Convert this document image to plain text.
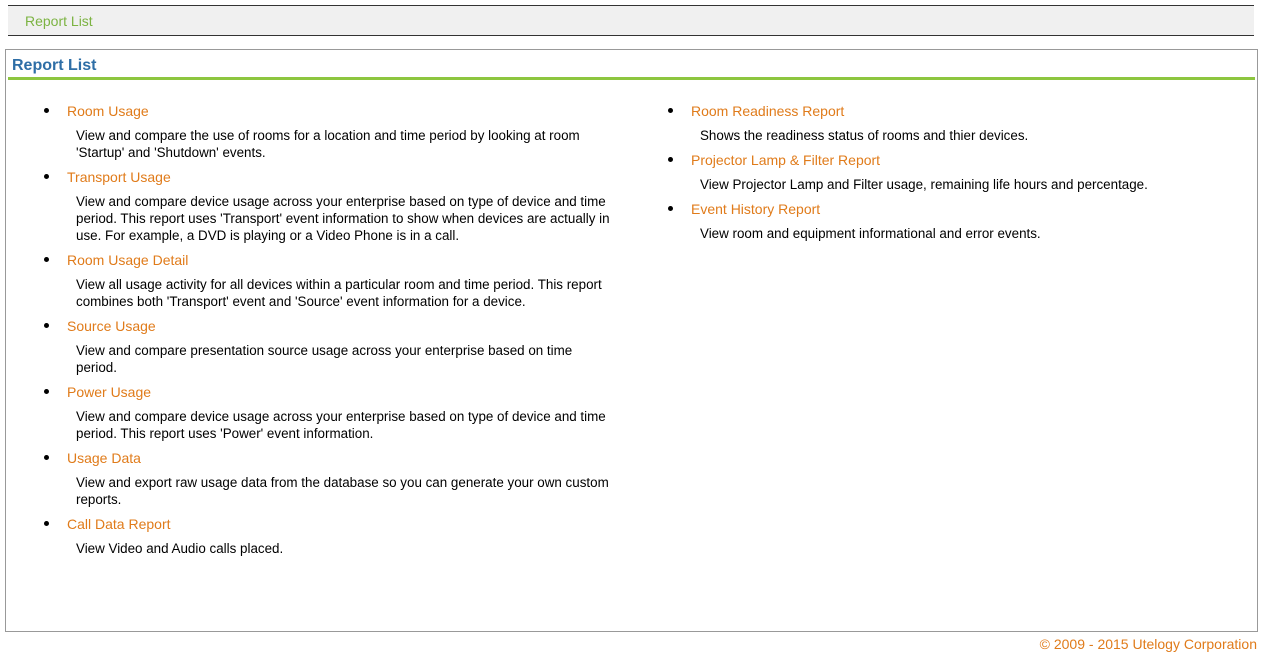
Report List
Report List
Room Usage
View and compare the use of rooms for a location and time period by looking at room 'Startup' and 'Shutdown' events.
Transport Usage
View and compare device usage across your enterprise based on type of device and time period. This report uses 'Transport' event information to show when devices are actually in use. For example, a DVD is playing or a Video Phone is in a call.
Room Usage Detail
View all usage activity for all devices within a particular room and time period. This report combines both 'Transport' event and 'Source' event information for a device.
Source Usage
View and compare presentation source usage across your enterprise based on time period.
Power Usage
View and compare device usage across your enterprise based on type of device and time period. This report uses 'Power' event information.
Usage Data
View and export raw usage data from the database so you can generate your own custom reports.
Call Data Report
View Video and Audio calls placed.
Room Readiness Report
Shows the readiness status of rooms and thier devices.
Projector Lamp & Filter Report
View Projector Lamp and Filter usage, remaining life hours and percentage.
Event History Report
View room and equipment informational and error events.
© 2009 - 2015 Utelogy Corporation
